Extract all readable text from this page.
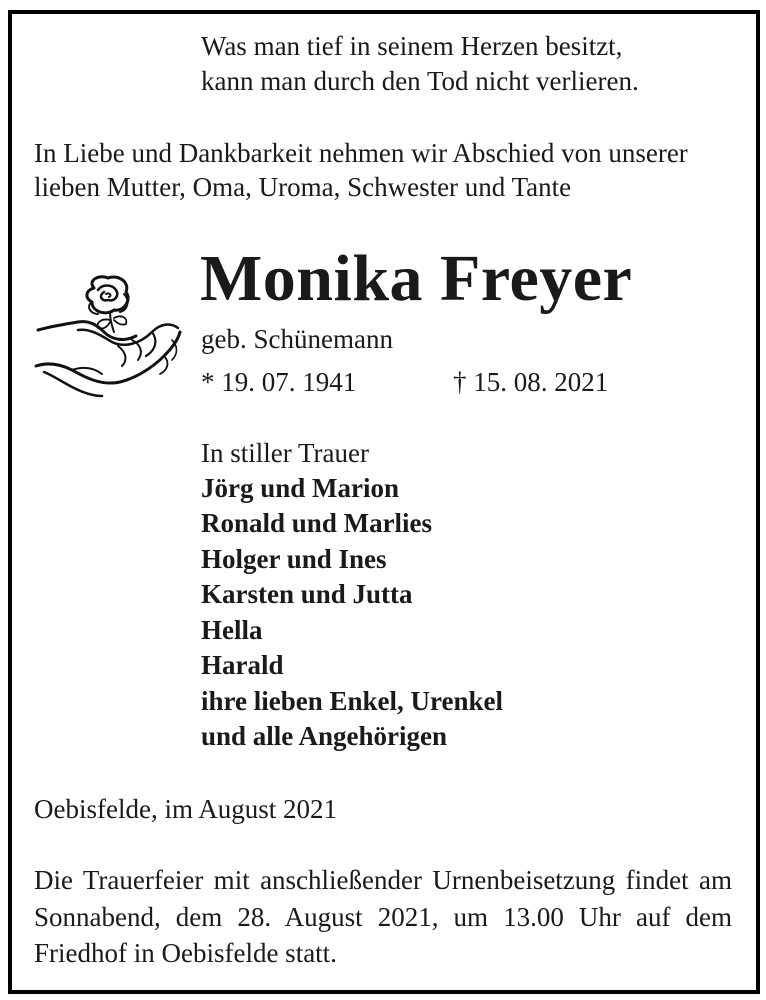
Was man tief in seinem Herzen besitzt,
kann man durch den Tod nicht verlieren.
In Liebe und Dankbarkeit nehmen wir Abschied von unserer
lieben Mutter, Oma, Uroma, Schwester und Tante
Monika Freyer
geb. Schünemann
* 19. 07. 1941	† 15. 08. 2021
In stiller Trauer
Jörg und Marion
Ronald und Marlies
Holger und Ines
Karsten und Jutta
Hella
Harald
ihre lieben Enkel, Urenkel
und alle Angehörigen
Oebisfelde, im August 2021
Die Trauerfeier mit anschließender Urnenbeisetzung findet am Sonnabend, dem 28. August 2021, um 13.00 Uhr auf dem Friedhof in Oebisfelde statt.
